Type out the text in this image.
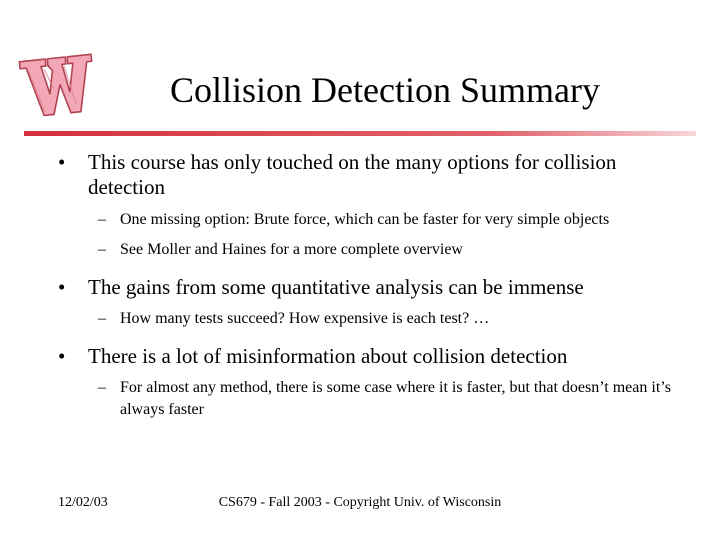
Collision Detection Summary
• This course has only touched on the many options for collision detection
– One missing option: Brute force, which can be faster for very simple objects
– See Moller and Haines for a more complete overview
• The gains from some quantitative analysis can be immense
– How many tests succeed? How expensive is each test? …
• There is a lot of misinformation about collision detection
– For almost any method, there is some case where it is faster, but that doesn’t mean it’s always faster
12/02/03	CS679 - Fall 2003 - Copyright Univ. of Wisconsin
